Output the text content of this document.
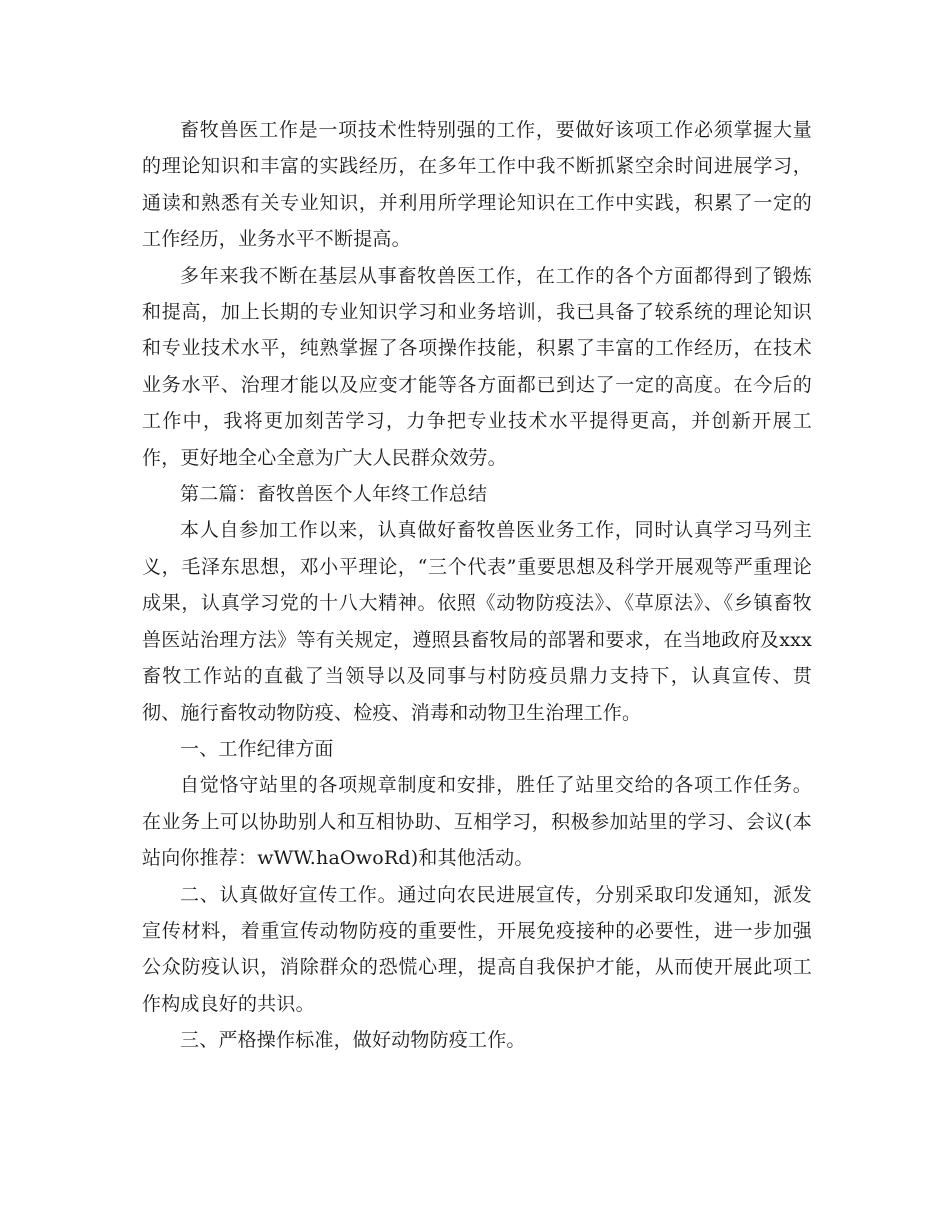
畜牧兽医工作是一项技术性特别强的工作，要做好该项工作必须掌握大量的理论知识和丰富的实践经历，在多年工作中我不断抓紧空余时间进展学习，通读和熟悉有关专业知识，并利用所学理论知识在工作中实践，积累了一定的工作经历，业务水平不断提高。

多年来我不断在基层从事畜牧兽医工作，在工作的各个方面都得到了锻炼和提高，加上长期的专业知识学习和业务培训，我已具备了较系统的理论知识和专业技术水平，纯熟掌握了各项操作技能，积累了丰富的工作经历，在技术业务水平、治理才能以及应变才能等各方面都已到达了一定的高度。在今后的工作中，我将更加刻苦学习，力争把专业技术水平提得更高，并创新开展工作，更好地全心全意为广大人民群众效劳。

第二篇：畜牧兽医个人年终工作总结

本人自参加工作以来，认真做好畜牧兽医业务工作，同时认真学习马列主义，毛泽东思想，邓小平理论，“三个代表”重要思想及科学开展观等严重理论成果，认真学习党的十八大精神。依照《动物防疫法》、《草原法》、《乡镇畜牧兽医站治理方法》等有关规定，遵照县畜牧局的部署和要求，在当地政府及xxx畜牧工作站的直截了当领导以及同事与村防疫员鼎力支持下，认真宣传、贯彻、施行畜牧动物防疫、检疫、消毒和动物卫生治理工作。

一、工作纪律方面

自觉恪守站里的各项规章制度和安排，胜任了站里交给的各项工作任务。在业务上可以协助别人和互相协助、互相学习，积极参加站里的学习、会议(本站向你推荐：wWW.haOwoRd)和其他活动。

二、认真做好宣传工作。通过向农民进展宣传，分别采取印发通知，派发宣传材料，着重宣传动物防疫的重要性，开展免疫接种的必要性，进一步加强公众防疫认识，消除群众的恐慌心理，提高自我保护才能，从而使开展此项工作构成良好的共识。

三、严格操作标准，做好动物防疫工作。
